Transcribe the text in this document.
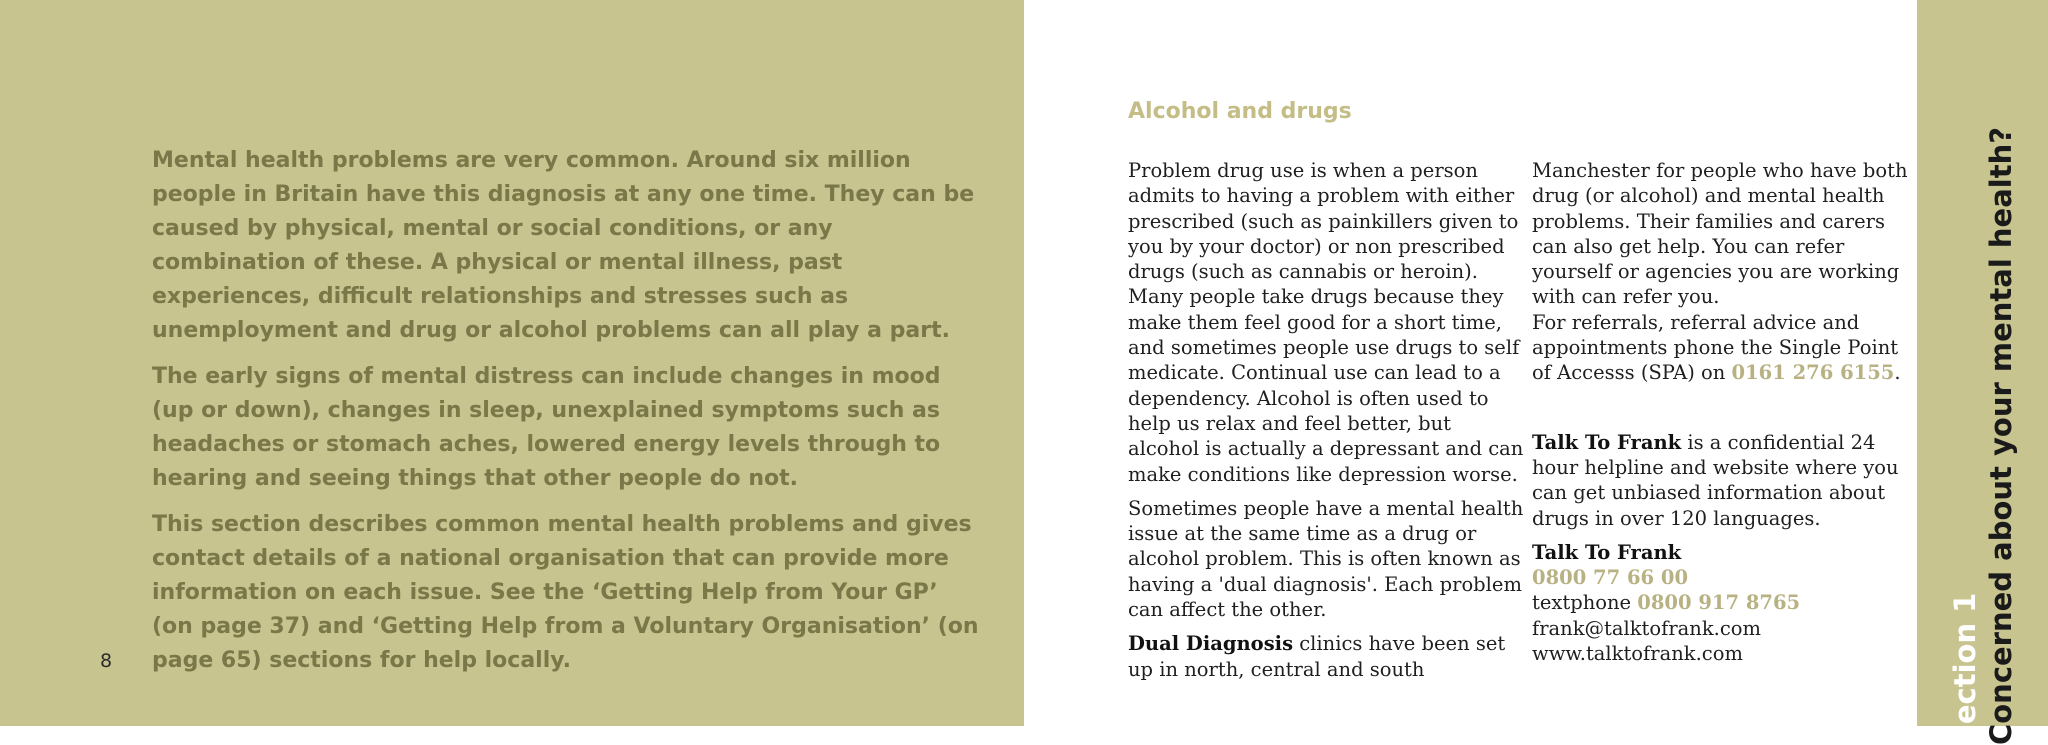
Mental health problems are very common. Around six million people in Britain have this diagnosis at any one time. They can be caused by physical, mental or social conditions, or any combination of these. A physical or mental illness, past experiences, difficult relationships and stresses such as unemployment and drug or alcohol problems can all play a part.

The early signs of mental distress can include changes in mood (up or down), changes in sleep, unexplained symptoms such as headaches or stomach aches, lowered energy levels through to hearing and seeing things that other people do not.

This section describes common mental health problems and gives contact details of a national organisation that can provide more information on each issue. See the ‘Getting Help from Your GP’ (on page 37) and ‘Getting Help from a Voluntary Organisation’ (on page 65) sections for help locally.

8
Alcohol and drugs

Problem drug use is when a person admits to having a problem with either prescribed (such as painkillers given to you by your doctor) or non prescribed drugs (such as cannabis or heroin). Many people take drugs because they make them feel good for a short time, and sometimes people use drugs to self medicate. Continual use can lead to a dependency. Alcohol is often used to help us relax and feel better, but alcohol is actually a depressant and can make conditions like depression worse.

Sometimes people have a mental health issue at the same time as a drug or alcohol problem. This is often known as having a 'dual diagnosis'. Each problem can affect the other.

Dual Diagnosis clinics have been set up in north, central and south

Manchester for people who have both drug (or alcohol) and mental health problems. Their families and carers can also get help. You can refer yourself or agencies you are working with can refer you.
For referrals, referral advice and appointments phone the Single Point of Accesss (SPA) on 0161 276 6155.

Talk To Frank is a confidential 24 hour helpline and website where you can get unbiased information about drugs in over 120 languages.

Talk To Frank
0800 77 66 00
textphone 0800 917 8765
frank@talktofrank.com
www.talktofrank.com	Section 1 Concerned about your mental health?
